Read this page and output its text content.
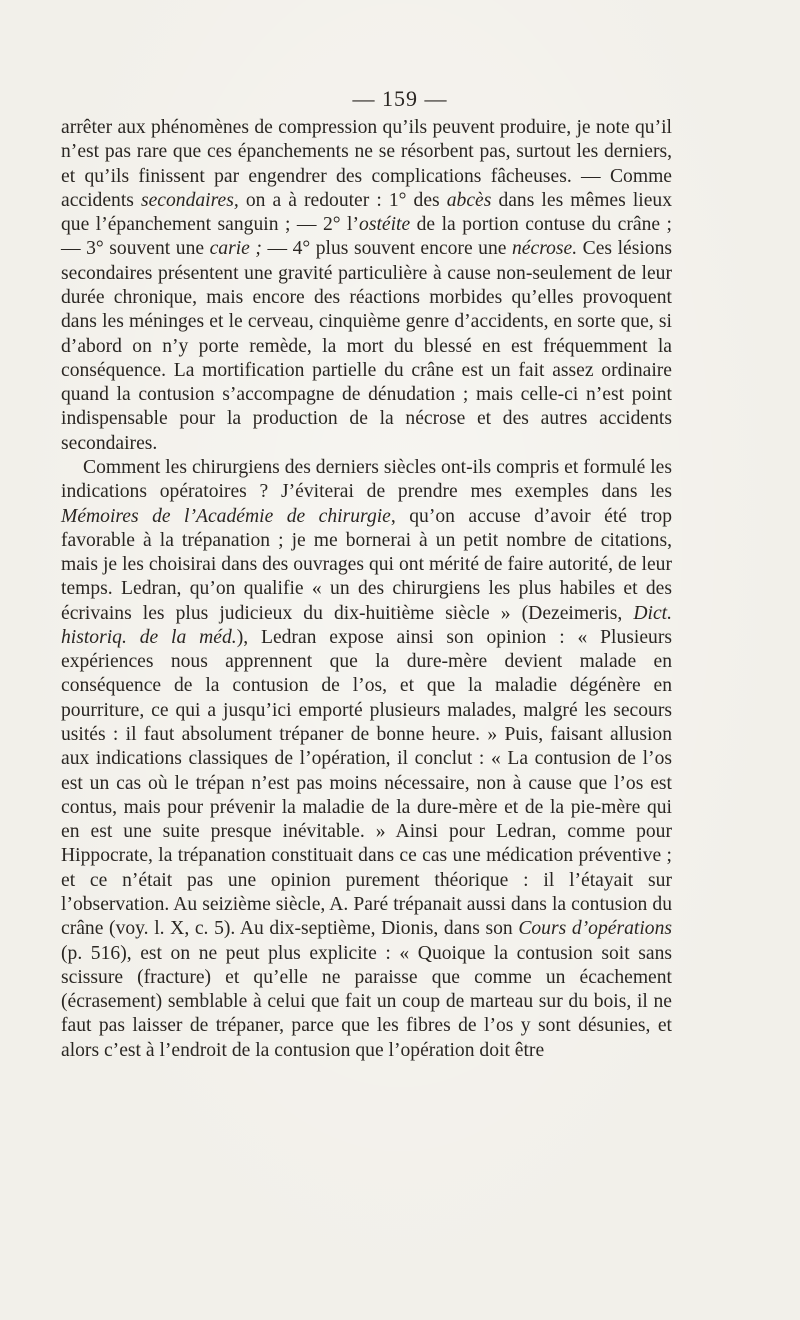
— 159 —

arrêter aux phénomènes de compression qu’ils peuvent produire, je note qu’il n’est pas rare que ces épanchements ne se résorbent pas, surtout les derniers, et qu’ils finissent par engendrer des complications fâcheuses. — Comme accidents secondaires, on a à redouter : 1° des abcès dans les mêmes lieux que l’épanchement sanguin ; — 2° l’ostéite de la portion contuse du crâne ; — 3° souvent une carie ; — 4° plus souvent encore une nécrose. Ces lésions secondaires présentent une gravité particulière à cause non-seulement de leur durée chronique, mais encore des réactions morbides qu’elles provoquent dans les méninges et le cerveau, cinquième genre d’accidents, en sorte que, si d’abord on n’y porte remède, la mort du blessé en est fréquemment la conséquence. La mortification partielle du crâne est un fait assez ordinaire quand la contusion s’accompagne de dénudation ; mais celle-ci n’est point indispensable pour la production de la nécrose et des autres accidents secondaires.

Comment les chirurgiens des derniers siècles ont-ils compris et formulé les indications opératoires ? J’éviterai de prendre mes exemples dans les Mémoires de l’Académie de chirurgie, qu’on accuse d’avoir été trop favorable à la trépanation ; je me bornerai à un petit nombre de citations, mais je les choisirai dans des ouvrages qui ont mérité de faire autorité, de leur temps. Ledran, qu’on qualifie « un des chirurgiens les plus habiles et des écrivains les plus judicieux du dix-huitième siècle » (Dezeimeris, Dict. historiq. de la méd.), Ledran expose ainsi son opinion : « Plusieurs expériences nous apprennent que la dure-mère devient malade en conséquence de la contusion de l’os, et que la maladie dégénère en pourriture, ce qui a jusqu’ici emporté plusieurs malades, malgré les secours usités : il faut absolument trépaner de bonne heure. » Puis, faisant allusion aux indications classiques de l’opération, il conclut : « La contusion de l’os est un cas où le trépan n’est pas moins nécessaire, non à cause que l’os est contus, mais pour prévenir la maladie de la dure-mère et de la pie-mère qui en est une suite presque inévitable. » Ainsi pour Ledran, comme pour Hippocrate, la trépanation constituait dans ce cas une médication préventive ; et ce n’était pas une opinion purement théorique : il l’étayait sur l’observation. Au seizième siècle, A. Paré trépanait aussi dans la contusion du crâne (voy. l. X, c. 5). Au dix-septième, Dionis, dans son Cours d’opérations (p. 516), est on ne peut plus explicite : « Quoique la contusion soit sans scissure (fracture) et qu’elle ne paraisse que comme un écachement (écrasement) semblable à celui que fait un coup de marteau sur du bois, il ne faut pas laisser de trépaner, parce que les fibres de l’os y sont désunies, et alors c’est à l’endroit de la contusion que l’opération doit être
